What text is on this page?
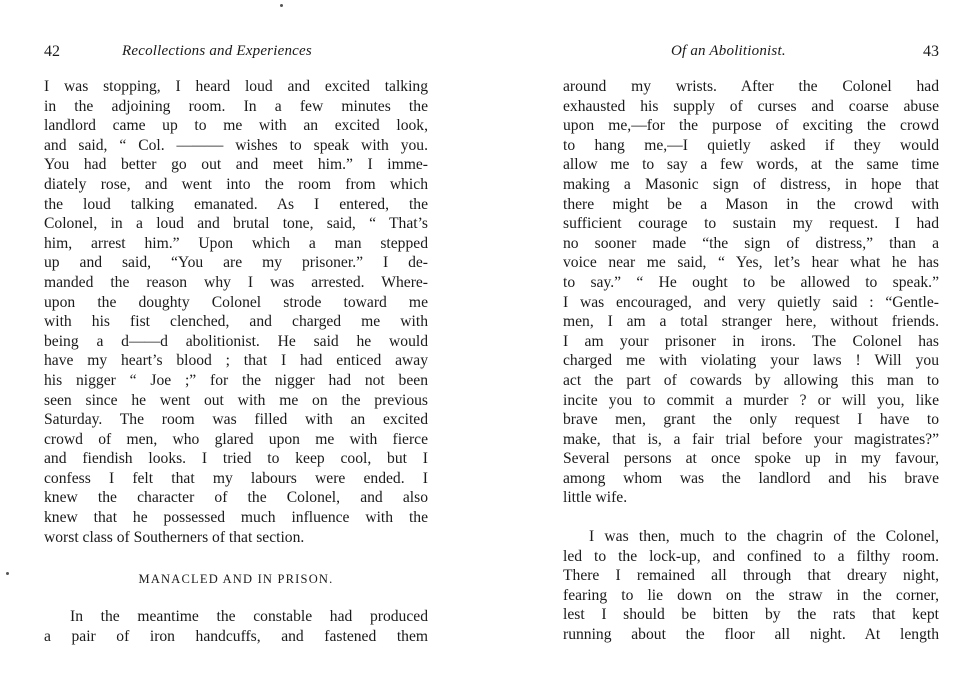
42	Recollections and Experiences
I was stopping, I heard loud and excited talking
in the adjoining room. In a few minutes the
landlord came up to me with an excited look,
and said, “ Col. ——— wishes to speak with you.
You had better go out and meet him.” I imme-
diately rose, and went into the room from which
the loud talking emanated. As I entered, the
Colonel, in a loud and brutal tone, said, “ That’s
him, arrest him.” Upon which a man stepped
up and said, “You are my prisoner.” I de-
manded the reason why I was arrested. Where-
upon the doughty Colonel strode toward me
with his fist clenched, and charged me with
being a d——d abolitionist. He said he would
have my heart’s blood ; that I had enticed away
his nigger “ Joe ;” for the nigger had not been
seen since he went out with me on the previous
Saturday. The room was filled with an excited
crowd of men, who glared upon me with fierce
and fiendish looks. I tried to keep cool, but I
confess I felt that my labours were ended. I
knew the character of the Colonel, and also
knew that he possessed much influence with the
worst class of Southerners of that section.
MANACLED AND IN PRISON.
In the meantime the constable had produced
a pair of iron handcuffs, and fastened them
Of an Abolitionist.	43
around my wrists. After the Colonel had
exhausted his supply of curses and coarse abuse
upon me,—for the purpose of exciting the crowd
to hang me,—I quietly asked if they would
allow me to say a few words, at the same time
making a Masonic sign of distress, in hope that
there might be a Mason in the crowd with
sufficient courage to sustain my request. I had
no sooner made “the sign of distress,” than a
voice near me said, “ Yes, let’s hear what he has
to say.” “ He ought to be allowed to speak.”
I was encouraged, and very quietly said : “Gentle-
men, I am a total stranger here, without friends.
I am your prisoner in irons. The Colonel has
charged me with violating your laws ! Will you
act the part of cowards by allowing this man to
incite you to commit a murder ? or will you, like
brave men, grant the only request I have to
make, that is, a fair trial before your magistrates?”
Several persons at once spoke up in my favour,
among whom was the landlord and his brave
little wife.
I was then, much to the chagrin of the Colonel,
led to the lock-up, and confined to a filthy room.
There I remained all through that dreary night,
fearing to lie down on the straw in the corner,
lest I should be bitten by the rats that kept
running about the floor all night. At length
